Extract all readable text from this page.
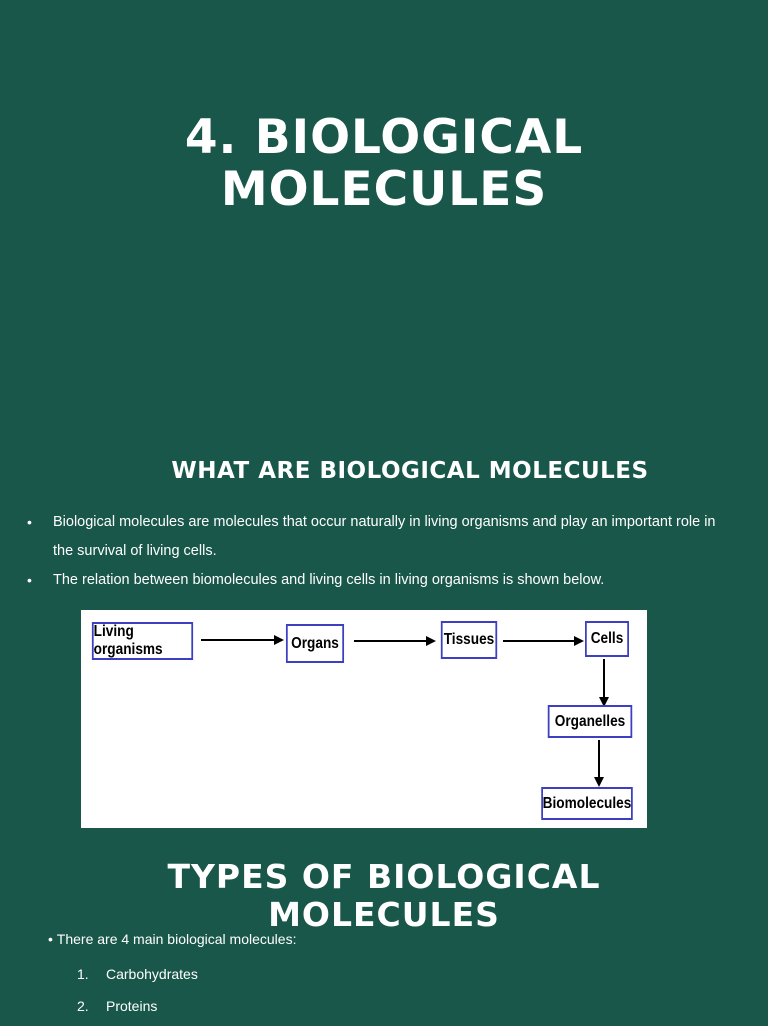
4. BIOLOGICAL
MOLECULES
WHAT ARE BIOLOGICAL MOLECULES
• Biological molecules are molecules that occur naturally in living organisms and play an important role in
the survival of living cells.
• The relation between biomolecules and living cells in living organisms is shown below.
Living organisms	Organs	Tissues	Cells
Organelles
Biomolecules
TYPES OF BIOLOGICAL
MOLECULES
• There are 4 main biological molecules:
1. Carbohydrates
2. Proteins
